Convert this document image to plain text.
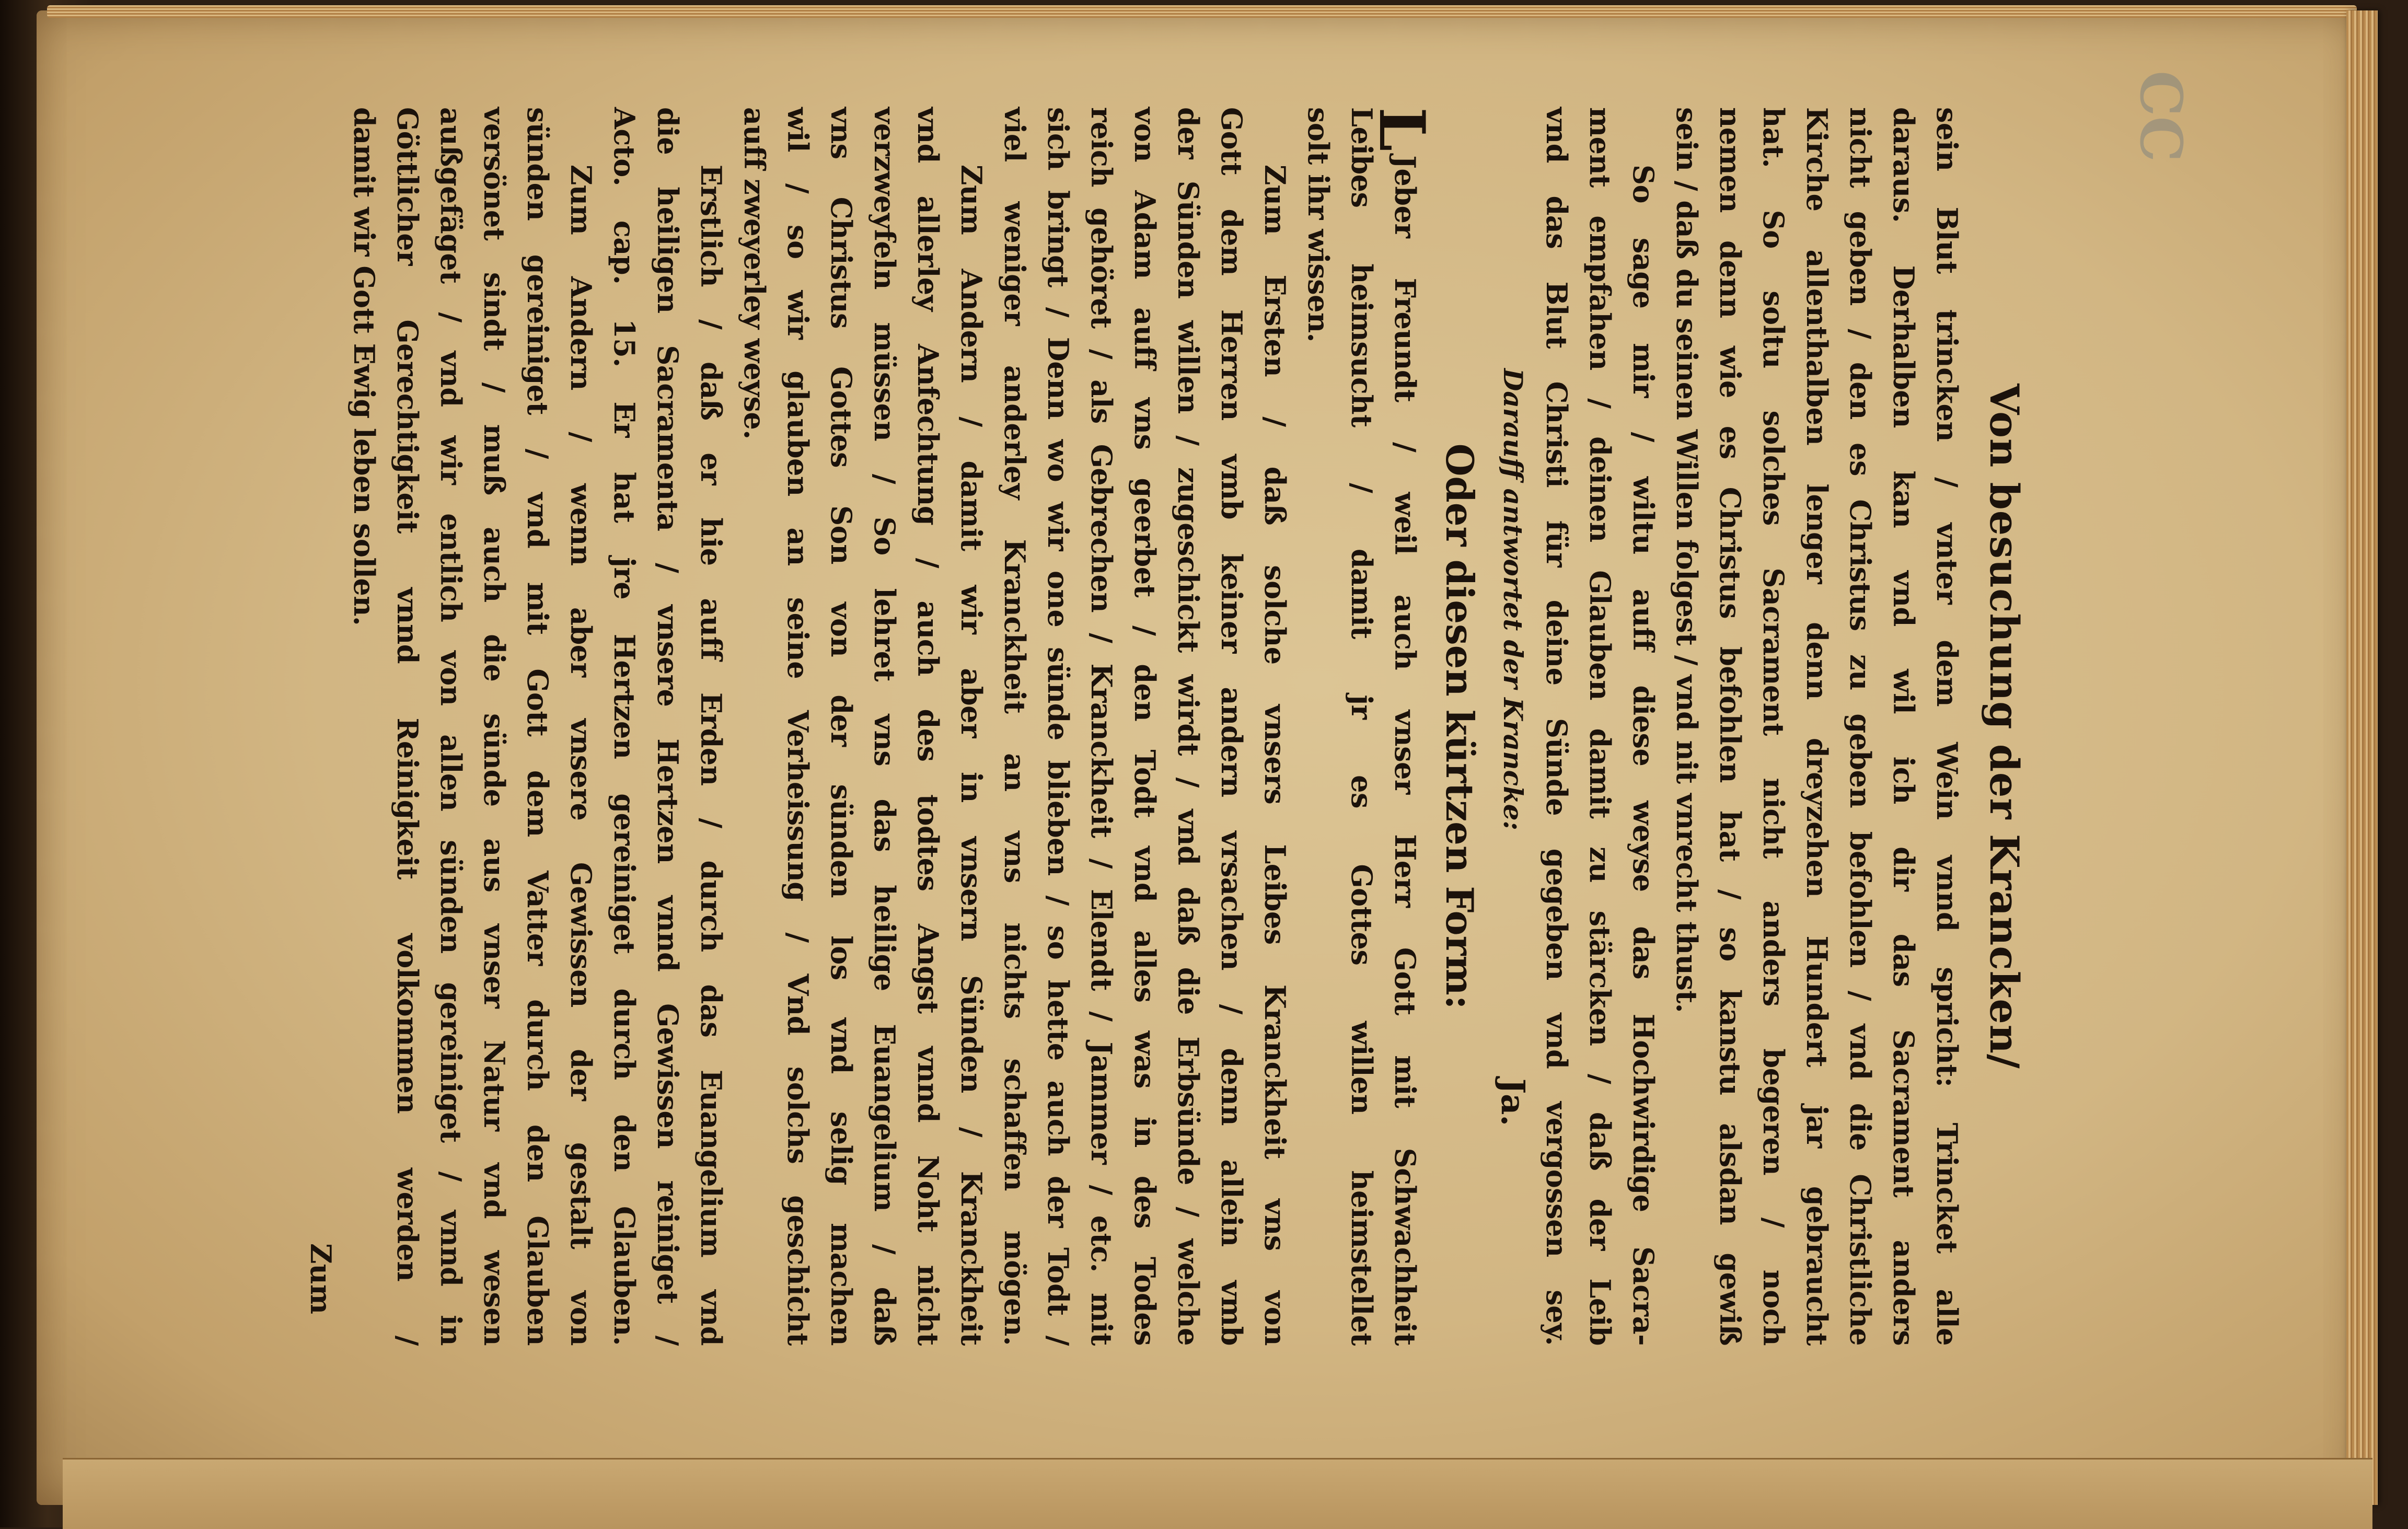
CC
Von besuchung der Krancken/
sein Blut trincken / vnter dem Wein vnnd spricht: Trincket alle
daraus. Derhalben kan vnd wil ich dir das Sacrament anders
nicht geben / den es Christus zu geben befohlen / vnd die Christliche
Kirche allenthalben lenger denn dreyzehen Hundert jar gebraucht
hat. So soltu solches Sacrament nicht anders begeren / noch
nemen denn wie es Christus befohlen hat / so kanstu alsdan gewiß
sein / daß du seinen Willen folgest / vnd nit vnrecht thust.
So sage mir / wiltu auff diese weyse das Hochwirdige Sacra-
ment empfahen / deinen Glauben damit zu stärcken / daß der Leib
vnd das Blut Christi für deine Sünde gegeben vnd vergossen sey.
Darauff antwortet der Krancke:
Ja.
Oder diesen kürtzen Form:
L
Jeber Freundt / weil auch vnser Herr Gott mit Schwachheit
Leibes heimsucht / damit jr es Gottes willen heimstellet
solt ihr wissen.
Zum Ersten / daß solche vnsers Leibes Kranckheit vns von
Gott dem Herren vmb keiner andern vrsachen / denn allein vmb
der Sünden willen / zugeschickt wirdt / vnd daß die Erbsünde / welche
von Adam auff vns geerbet / den Todt vnd alles was in des Todes
reich gehöret / als Gebrechen / Kranckheit / Elendt / Jammer / etc. mit
sich bringt / Denn wo wir one sünde blieben / so hette auch der Todt /
viel weniger anderley Kranckheit an vns nichts schaffen mögen.
Zum Andern / damit wir aber in vnsern Sünden / Kranckheit
vnd allerley Anfechtung / auch des todtes Angst vnnd Noht nicht
verzweyfeln müssen / So lehret vns das heilige Euangelium / daß
vns Christus Gottes Son von der sünden los vnd selig machen
wil / so wir glauben an seine Verheissung / Vnd solchs geschicht
auff zweyerley weyse.
Erstlich / daß er hie auff Erden / durch das Euangelium vnd
die heiligen Sacramenta / vnsere Hertzen vnnd Gewissen reiniget /
Acto. cap. 15. Er hat jre Hertzen gereiniget durch den Glauben.
Zum Andern / wenn aber vnsere Gewissen der gestalt von
sünden gereiniget / vnd mit Gott dem Vatter durch den Glauben
versönet sindt / muß auch die sünde aus vnser Natur vnd wesen
außgefäget / vnd wir entlich von allen sünden gereiniget / vnnd in
Göttlicher Gerechtigkeit vnnd Reinigkeit volkommen werden /
damit wir Gott Ewig leben sollen.
Zum
